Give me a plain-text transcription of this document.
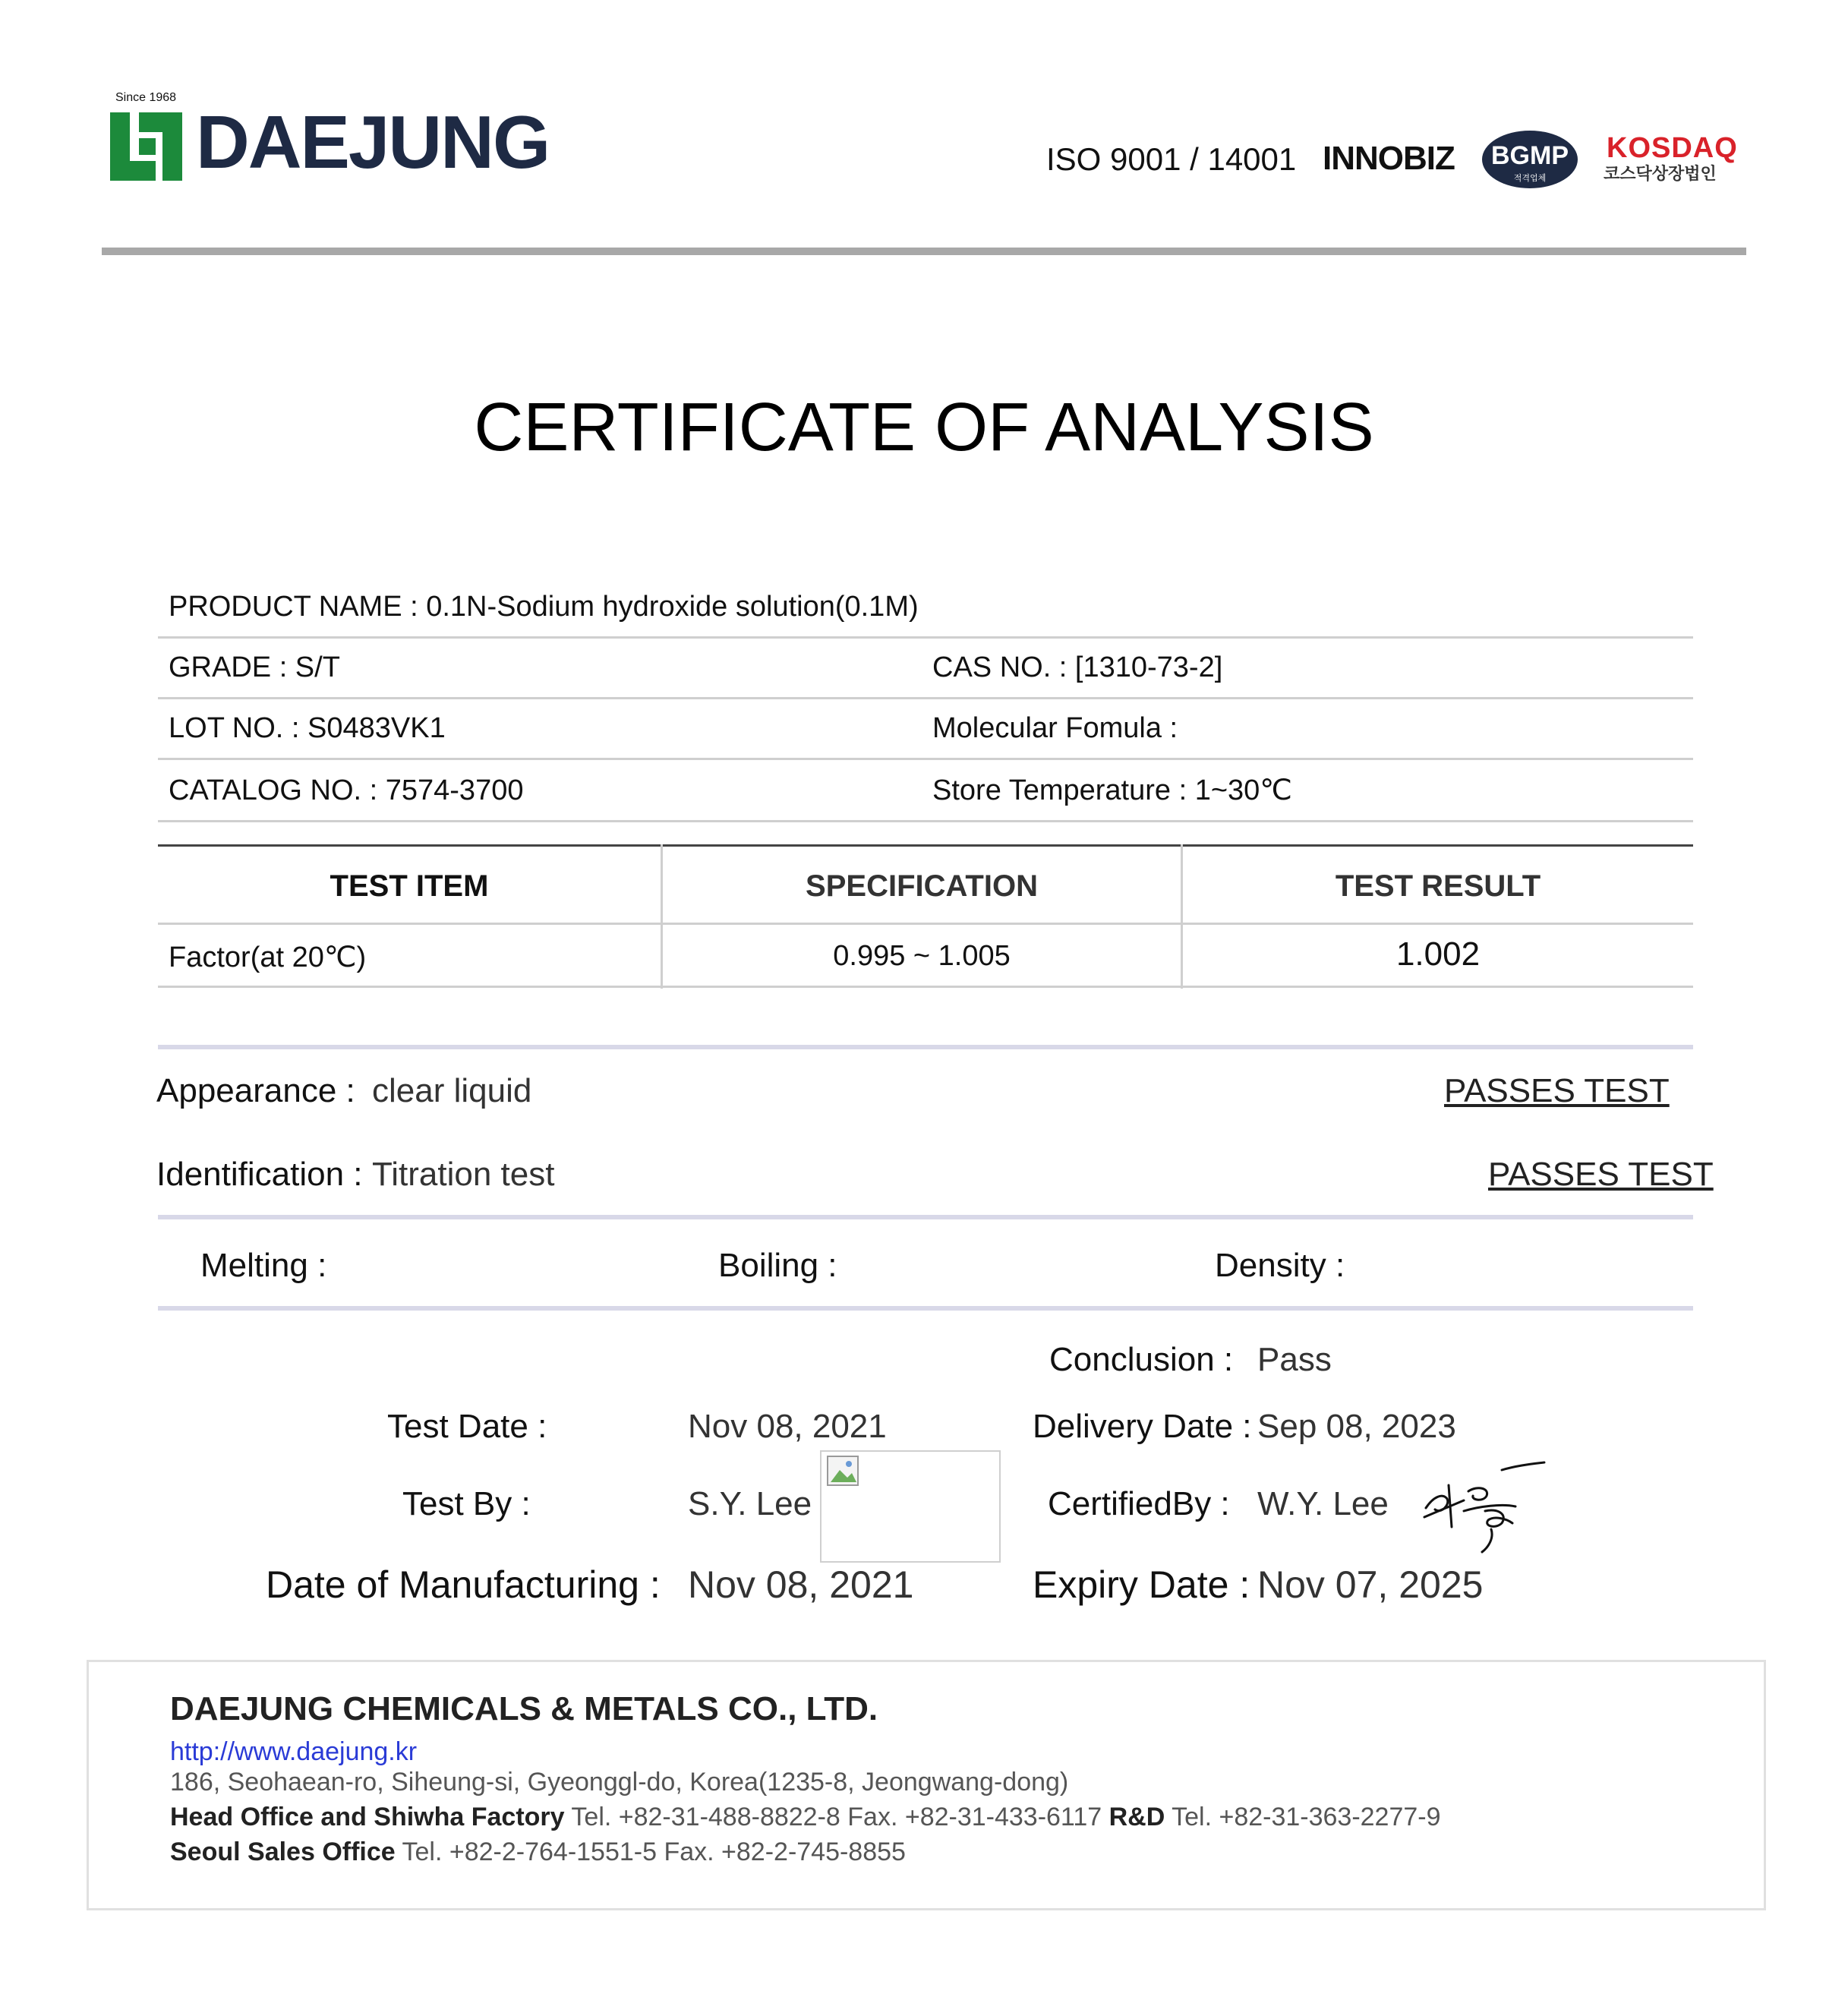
Since 1968
DAEJUNG	ISO 9001 / 14001 INNOBIZ BGMP
적격업체
KOSDAQ
코스닥상장법인
CERTIFICATE OF ANALYSIS
PRODUCT NAME : 0.1N-Sodium hydroxide solution(0.1M)
GRADE : S/T	CAS NO. : [1310-73-2]
LOT NO. : S0483VK1	Molecular Fomula :
CATALOG NO. : 7574-3700	Store Temperature : 1~30℃
TEST ITEM	SPECIFICATION	TEST RESULT
Factor(at 20℃)	0.995 ~ 1.005	1.002
Appearance : clear liquid	PASSES TEST
Identification : Titration test	PASSES TEST
Melting :	Boiling :	Density :
Conclusion : Pass
Test Date :	Nov 08, 2021	Delivery Date : Sep 08, 2023
Test By :	S.Y. Lee	CertifiedBy : W.Y. Lee
Date of Manufacturing : Nov 08, 2021	Expiry Date : Nov 07, 2025
DAEJUNG CHEMICALS & METALS CO., LTD.
http://www.daejung.kr
186, Seohaean-ro, Siheung-si, Gyeonggl-do, Korea(1235-8, Jeongwang-dong)
Head Office and Shiwha Factory Tel. +82-31-488-8822-8 Fax. +82-31-433-6117 R&D Tel. +82-31-363-2277-9
Seoul Sales Office Tel. +82-2-764-1551-5 Fax. +82-2-745-8855
